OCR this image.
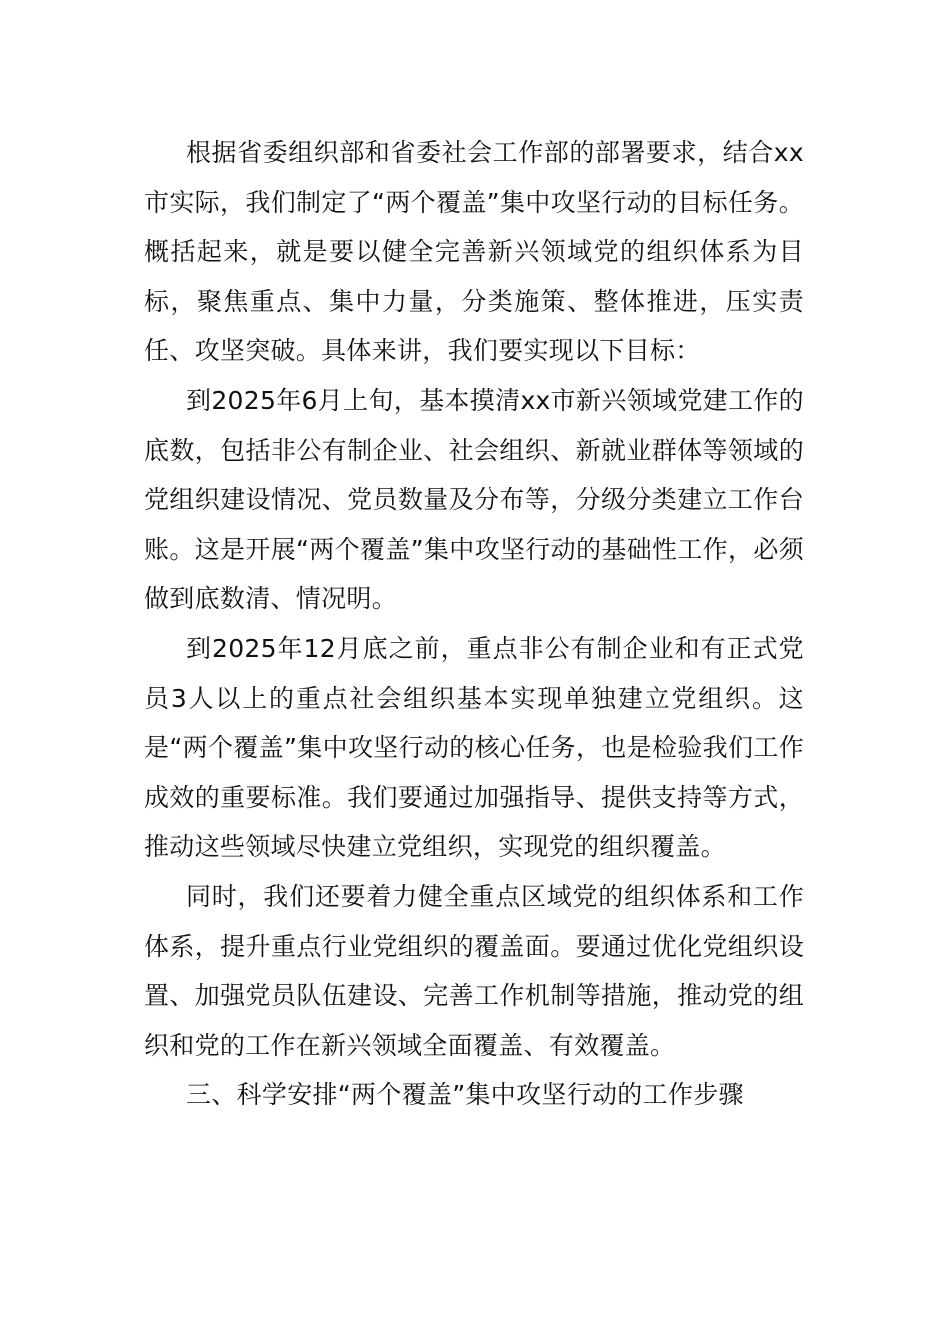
根据省委组织部和省委社会工作部的部署要求，结合xx市实际，我们制定了“两个覆盖”集中攻坚行动的目标任务。概括起来，就是要以健全完善新兴领域党的组织体系为目标，聚焦重点、集中力量，分类施策、整体推进，压实责任、攻坚突破。具体来讲，我们要实现以下目标：

到2025年6月上旬，基本摸清xx市新兴领域党建工作的底数，包括非公有制企业、社会组织、新就业群体等领域的党组织建设情况、党员数量及分布等，分级分类建立工作台账。这是开展“两个覆盖”集中攻坚行动的基础性工作，必须做到底数清、情况明。

到2025年12月底之前，重点非公有制企业和有正式党员3人以上的重点社会组织基本实现单独建立党组织。这是“两个覆盖”集中攻坚行动的核心任务，也是检验我们工作成效的重要标准。我们要通过加强指导、提供支持等方式，推动这些领域尽快建立党组织，实现党的组织覆盖。

同时，我们还要着力健全重点区域党的组织体系和工作体系，提升重点行业党组织的覆盖面。要通过优化党组织设置、加强党员队伍建设、完善工作机制等措施，推动党的组织和党的工作在新兴领域全面覆盖、有效覆盖。

三、科学安排“两个覆盖”集中攻坚行动的工作步骤
